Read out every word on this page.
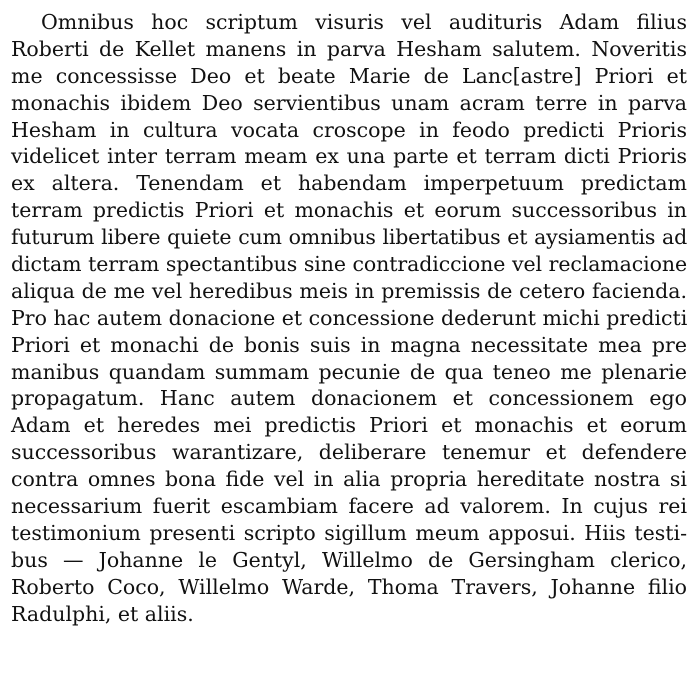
Omnibus hoc scriptum visuris vel audituris Adam filius
Roberti de Kellet manens in parva Hesham salutem. Noveritis
me concessisse Deo et beate Marie de Lanc[astre] Priori et
monachis ibidem Deo servientibus unam acram terre in parva
Hesham in cultura vocata croscope in feodo predicti Prioris
videlicet inter terram meam ex una parte et terram dicti Prioris
ex altera. Tenendam et habendam imperpetuum predictam
terram predictis Priori et monachis et eorum successoribus in
futurum libere quiete cum omnibus libertatibus et aysiamentis ad
dictam terram spectantibus sine contradiccione vel reclamacione
aliqua de me vel heredibus meis in premissis de cetero facienda.
Pro hac autem donacione et concessione dederunt michi predicti
Priori et monachi de bonis suis in magna necessitate mea pre
manibus quandam summam pecunie de qua teneo me plenarie
propagatum. Hanc autem donacionem et concessionem ego
Adam et heredes mei predictis Priori et monachis et eorum
successoribus warantizare, deliberare tenemur et defendere
contra omnes bona fide vel in alia propria hereditate nostra si
necessarium fuerit escambiam facere ad valorem. In cujus rei
testimonium presenti scripto sigillum meum apposui. Hiis testi-
bus — Johanne le Gentyl, Willelmo de Gersingham clerico,
Roberto Coco, Willelmo Warde, Thoma Travers, Johanne filio
Radulphi, et aliis.
